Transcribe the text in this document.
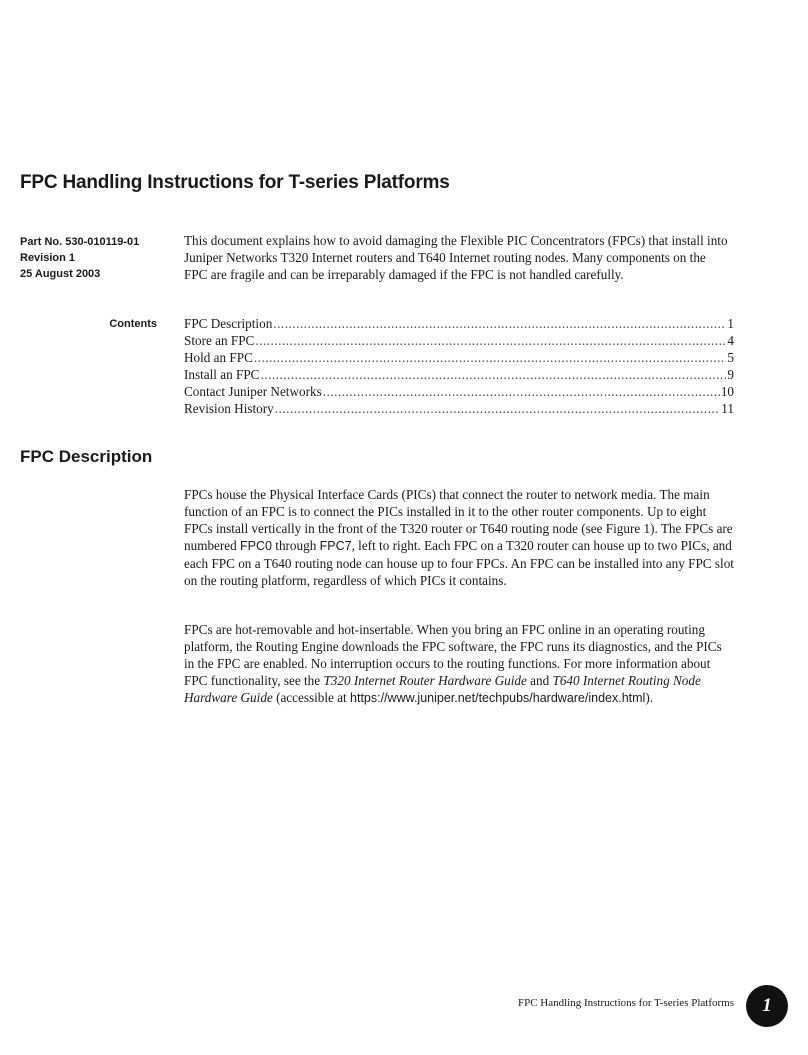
FPC Handling Instructions for T-series Platforms
Part No. 530-010119-01
Revision 1
25 August 2003

This document explains how to avoid damaging the Flexible PIC Concentrators (FPCs) that install into Juniper Networks T320 Internet routers and T640 Internet routing nodes. Many components on the FPC are fragile and can be irreparably damaged if the FPC is not handled carefully.

Contents FPC Description .....	1
Store an FPC .....	4
Hold an FPC .....	5
Install an FPC .....	9
Contact Juniper Networks .....	10
Revision History .....	11
FPC Description

FPCs house the Physical Interface Cards (PICs) that connect the router to network media. The main function of an FPC is to connect the PICs installed in it to the other router components. Up to eight FPCs install vertically in the front of the T320 router or T640 routing node (see Figure 1). The FPCs are numbered FPC0 through FPC7, left to right. Each FPC on a T320 router can house up to two PICs, and each FPC on a T640 routing node can house up to four FPCs. An FPC can be installed into any FPC slot on the routing platform, regardless of which PICs it contains.

FPCs are hot-removable and hot-insertable. When you bring an FPC online in an operating routing platform, the Routing Engine downloads the FPC software, the FPC runs its diagnostics, and the PICs in the FPC are enabled. No interruption occurs to the routing functions. For more information about FPC functionality, see the T320 Internet Router Hardware Guide and T640 Internet Routing Node Hardware Guide (accessible at https://www.juniper.net/techpubs/hardware/index.html).

FPC Handling Instructions for T-series Platforms	1
